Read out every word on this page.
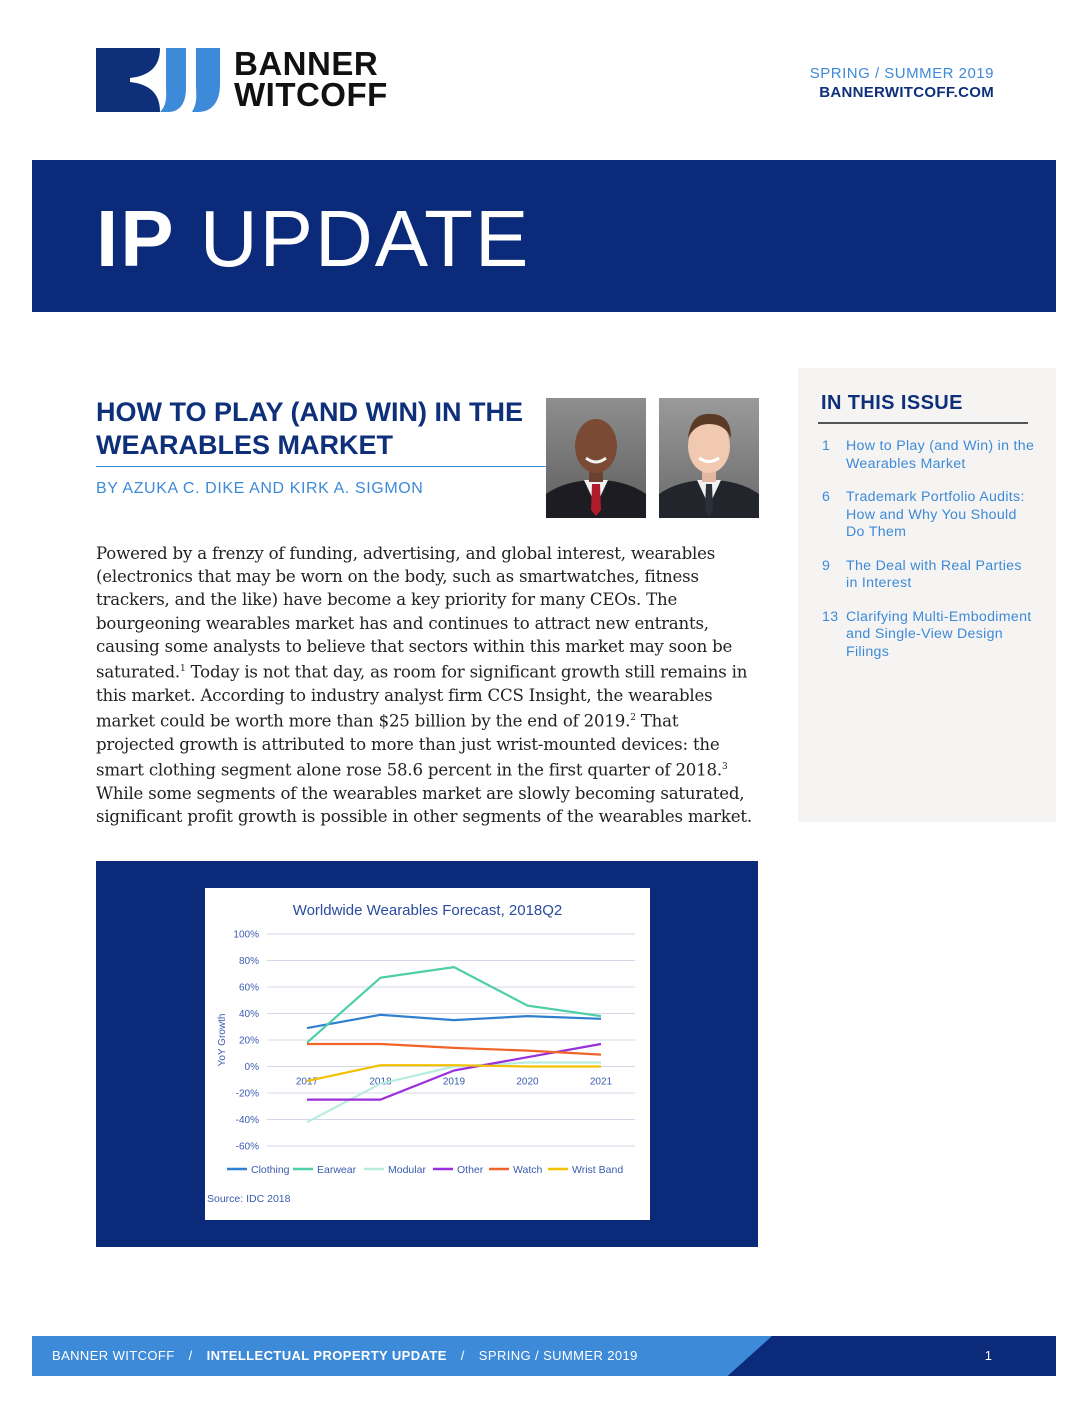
BANNER
WITCOFF
SPRING / SUMMER 2019
BANNERWITCOFF.COM
IP UPDATE
HOW TO PLAY (AND WIN) IN THE WEARABLES MARKET
BY AZUKA C. DIKE AND KIRK A. SIGMON

Powered by a frenzy of funding, advertising, and global interest, wearables (electronics that may be worn on the body, such as smartwatches, fitness trackers, and the like) have become a key priority for many CEOs. The bourgeoning wearables market has and continues to attract new entrants, causing some analysts to believe that sectors within this market may soon be saturated.$^1$ Today is not that day, as room for significant growth still remains in this market. According to industry analyst firm CCS Insight, the wearables market could be worth more than $25 billion by the end of 2019.$^2$ That projected growth is attributed to more than just wrist-mounted devices: the smart clothing segment alone rose 58.6 percent in the first quarter of 2018.$^3$ While some segments of the wearables market are slowly becoming saturated, significant profit growth is possible in other segments of the wearables market.

Worldwide Wearables Forecast, 2018Q2
-60%
-40%
-20%
0%
20%
40%
60%
80%
100%
YoY Growth
2017	2018	2019	2020	2021
Clothing	Earwear	Modular	Other	Watch	Wrist Band
Source: IDC 2018
IN THIS ISSUE
1	How to Play (and Win) in the Wearables Market
6	Trademark Portfolio Audits: How and Why You Should Do Them
9	The Deal with Real Parties in Interest
13 Clarifying Multi-Embodiment and Single-View Design Filings
BANNER WITCOFF / INTELLECTUAL PROPERTY UPDATE / SPRING / SUMMER 2019	1
